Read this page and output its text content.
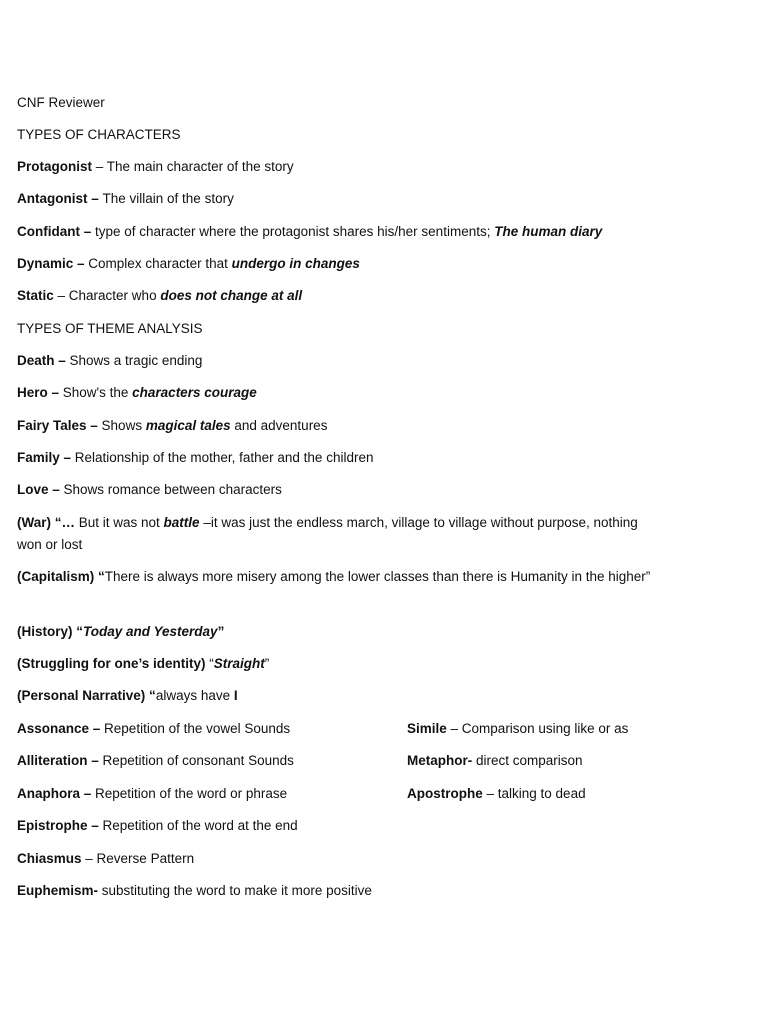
CNF Reviewer
TYPES OF CHARACTERS
Protagonist – The main character of the story
Antagonist – The villain of the story
Confidant – type of character where the protagonist shares his/her sentiments; The human diary
Dynamic – Complex character that undergo in changes
Static – Character who does not change at all
TYPES OF THEME ANALYSIS
Death – Shows a tragic ending
Hero – Show's the characters courage
Fairy Tales – Shows magical tales and adventures
Family – Relationship of the mother, father and the children
Love – Shows romance between characters
(War) “… But it was not battle –it was just the endless march, village to village without purpose, nothing won or lost
(Capitalism) “There is always more misery among the lower classes than there is Humanity in the higher”
(History) “Today and Yesterday”
(Struggling for one’s identity) “Straight”
(Personal Narrative) “always have I
Assonance – Repetition of the vowel Sounds
Alliteration – Repetition of consonant Sounds
Anaphora – Repetition of the word or phrase
Epistrophe – Repetition of the word at the end
Chiasmus – Reverse Pattern
Euphemism- substituting the word to make it more positive
Simile – Comparison using like or as
Metaphor- direct comparison
Apostrophe – talking to dead
